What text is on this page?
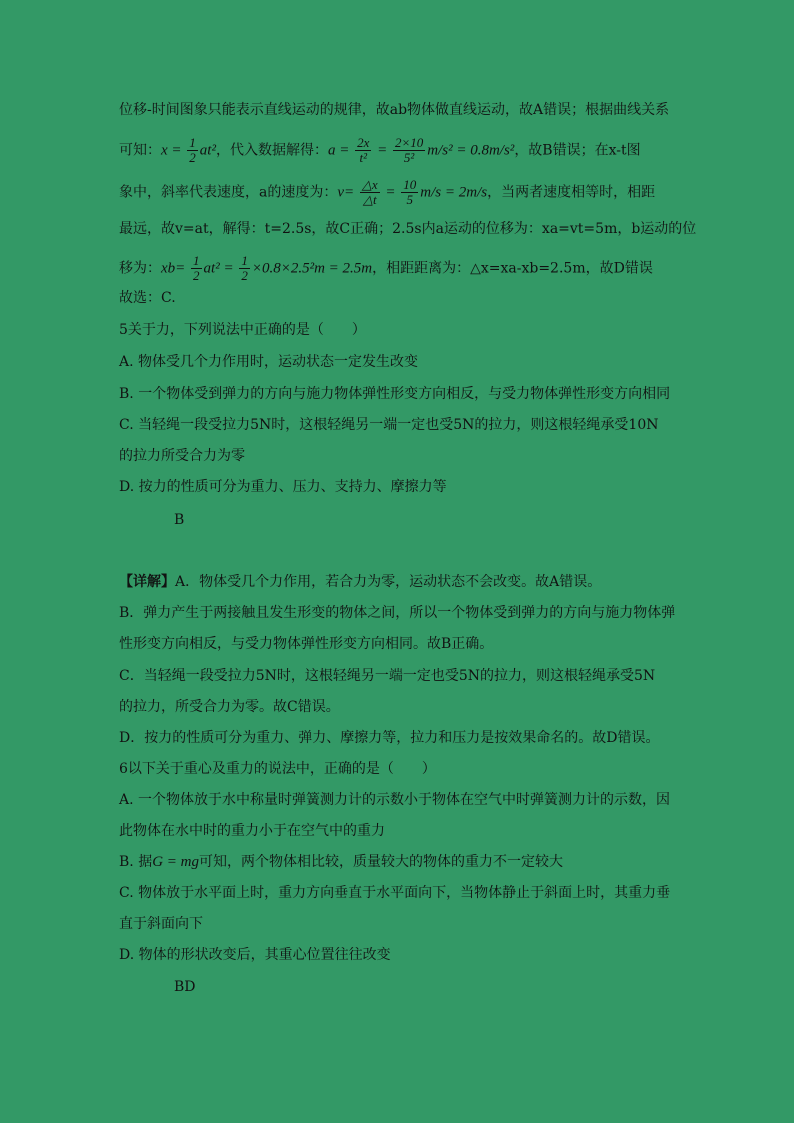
位移-时间图象只能表示直线运动的规律，故ab物体做直线运动，故A错误；根据曲线关系
可知：$x = \frac{1}{2} at^2$，代入数据解得：$a = \frac{2x}{\text{t²}} = \frac{2\times 10}{\text{5²}} m/s^2 = 0.8m/s^2$，故B错误；在x-t图
象中，斜率代表速度，a的速度为：$v= \frac{\triangle x}{\triangle t} = \frac{10}{5} m/s = 2m/s$，当两者速度相等时，相距
最远，故v=at，解得：t=2.5s，故C正确；2.5s内a运动的位移为：xa=vt=5m，b运动的位
移为：$xb= \frac{1}{2} at^2 = \frac{1}{2} \times 0.8\times 2.5^2m = 2.5m$，相距距离为：△x=xa-xb=2.5m，故D错误
故选：C.
5关于力，下列说法中正确的是（　　）
A. 物体受几个力作用时，运动状态一定发生改变
B. 一个物体受到弹力的方向与施力物体弹性形变方向相反，与受力物体弹性形变方向相同
C. 当轻绳一段受拉力5N时，这根轻绳另一端一定也受5N的拉力，则这根轻绳承受10N
的拉力所受合力为零
D. 按力的性质可分为重力、压力、支持力、摩擦力等
B
【详解】A．物体受几个力作用，若合力为零，运动状态不会改变。故A错误。
B．弹力产生于两接触且发生形变的物体之间，所以一个物体受到弹力的方向与施力物体弹
性形变方向相反，与受力物体弹性形变方向相同。故B正确。
C．当轻绳一段受拉力5N时，这根轻绳另一端一定也受5N的拉力，则这根轻绳承受5N
的拉力，所受合力为零。故C错误。
D．按力的性质可分为重力、弹力、摩擦力等，拉力和压力是按效果命名的。故D错误。
6以下关于重心及重力的说法中，正确的是（　　）
A. 一个物体放于水中称量时弹簧测力计的示数小于物体在空气中时弹簧测力计的示数，因
此物体在水中时的重力小于在空气中的重力
B. 据G = mg可知，两个物体相比较，质量较大的物体的重力不一定较大
C. 物体放于水平面上时，重力方向垂直于水平面向下，当物体静止于斜面上时，其重力垂
直于斜面向下
D. 物体的形状改变后，其重心位置往往改变
BD
